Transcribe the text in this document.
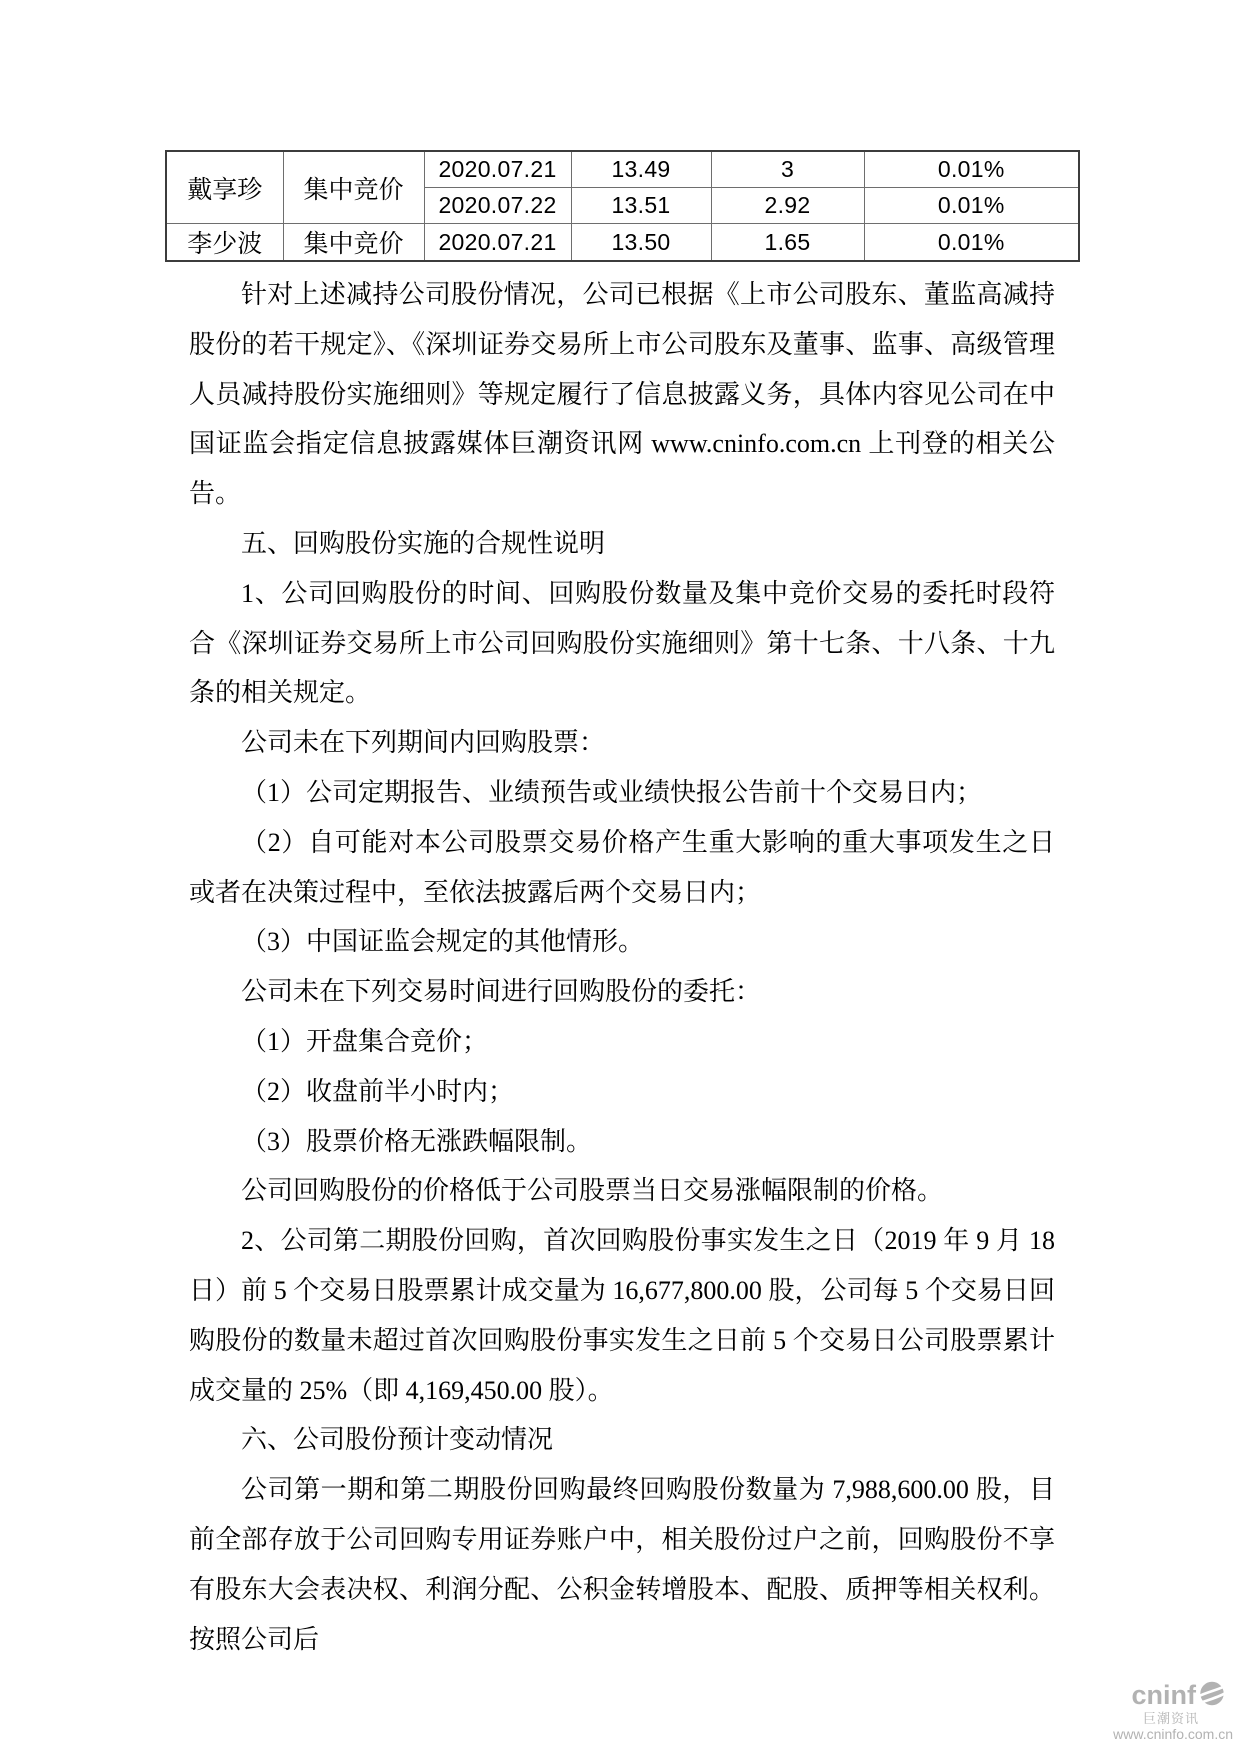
戴享珍	集中竞价	2020.07.21	13.49	3	0.01%
		2020.07.22	13.51	2.92	0.01%
李少波	集中竞价	2020.07.21	13.50	1.65	0.01%

针对上述减持公司股份情况，公司已根据《上市公司股东、董监高减持股份的若干规定》、《深圳证券交易所上市公司股东及董事、监事、高级管理人员减持股份实施细则》等规定履行了信息披露义务，具体内容见公司在中国证监会指定信息披露媒体巨潮资讯网 www.cninfo.com.cn 上刊登的相关公告。

五、回购股份实施的合规性说明

1、公司回购股份的时间、回购股份数量及集中竞价交易的委托时段符合《深圳证券交易所上市公司回购股份实施细则》第十七条、十八条、十九条的相关规定。

公司未在下列期间内回购股票：

（1）公司定期报告、业绩预告或业绩快报公告前十个交易日内；

（2）自可能对本公司股票交易价格产生重大影响的重大事项发生之日或者在决策过程中，至依法披露后两个交易日内；

（3）中国证监会规定的其他情形。

公司未在下列交易时间进行回购股份的委托：

（1）开盘集合竞价；

（2）收盘前半小时内；

（3）股票价格无涨跌幅限制。

公司回购股份的价格低于公司股票当日交易涨幅限制的价格。

2、公司第二期股份回购，首次回购股份事实发生之日（2019 年 9 月 18 日）前 5 个交易日股票累计成交量为 16,677,800.00 股，公司每 5 个交易日回购股份的数量未超过首次回购股份事实发生之日前 5 个交易日公司股票累计成交量的 25%（即 4,169,450.00 股）。

六、公司股份预计变动情况

公司第一期和第二期股份回购最终回购股份数量为 7,988,600.00 股，目前全部存放于公司回购专用证券账户中，相关股份过户之前，回购股份不享有股东大会表决权、利润分配、公积金转增股本、配股、质押等相关权利。按照公司后

cninf
巨潮资讯
www.cninfo.com.cn
